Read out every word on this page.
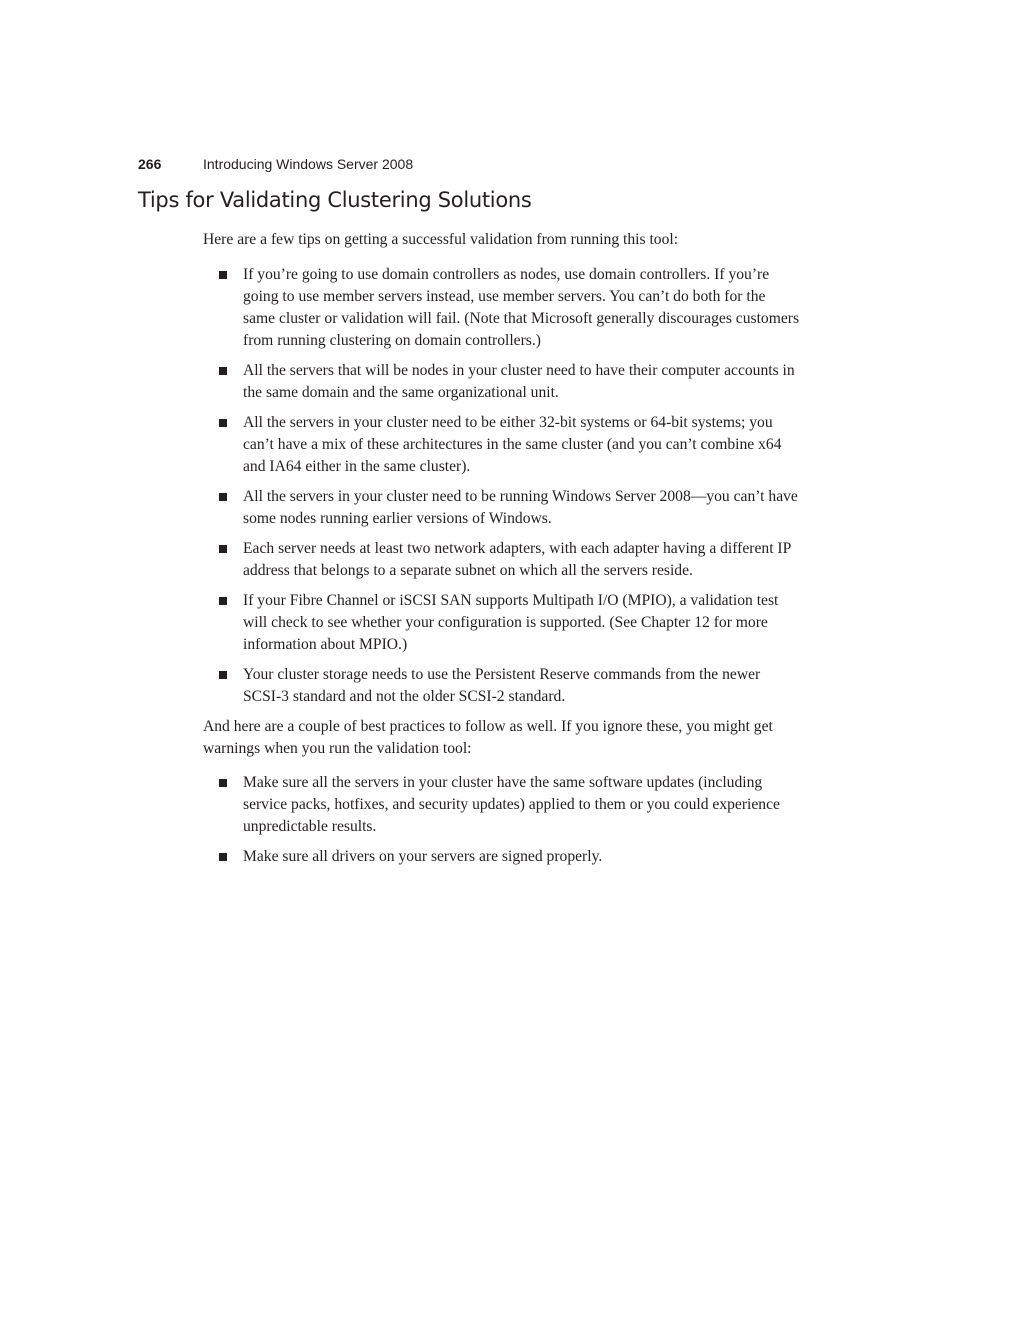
266	Introducing Windows Server 2008
Tips for Validating Clustering Solutions

Here are a few tips on getting a successful validation from running this tool:

If you’re going to use domain controllers as nodes, use domain controllers. If you’re
going to use member servers instead, use member servers. You can’t do both for the
same cluster or validation will fail. (Note that Microsoft generally discourages customers
from running clustering on domain controllers.)
All the servers that will be nodes in your cluster need to have their computer accounts in
the same domain and the same organizational unit.
All the servers in your cluster need to be either 32-bit systems or 64-bit systems; you
can’t have a mix of these architectures in the same cluster (and you can’t combine x64
and IA64 either in the same cluster).
All the servers in your cluster need to be running Windows Server 2008—you can’t have
some nodes running earlier versions of Windows.
Each server needs at least two network adapters, with each adapter having a different IP
address that belongs to a separate subnet on which all the servers reside.
If your Fibre Channel or iSCSI SAN supports Multipath I/O (MPIO), a validation test
will check to see whether your configuration is supported. (See Chapter 12 for more
information about MPIO.)
Your cluster storage needs to use the Persistent Reserve commands from the newer
SCSI-3 standard and not the older SCSI-2 standard.

And here are a couple of best practices to follow as well. If you ignore these, you might get
warnings when you run the validation tool:

Make sure all the servers in your cluster have the same software updates (including
service packs, hotfixes, and security updates) applied to them or you could experience
unpredictable results.
Make sure all drivers on your servers are signed properly.
